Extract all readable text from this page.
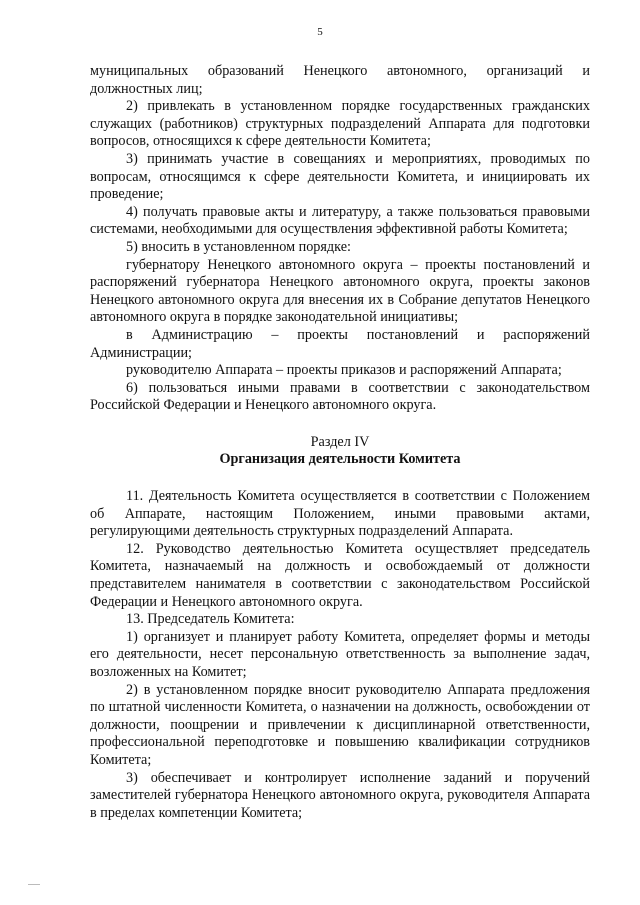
5

муниципальных образований Ненецкого автономного, организаций и должностных лиц;

2) привлекать в установленном порядке государственных гражданских служащих (работников) структурных подразделений Аппарата для подготовки вопросов, относящихся к сфере деятельности Комитета;

3) принимать участие в совещаниях и мероприятиях, проводимых по вопросам, относящимся к сфере деятельности Комитета, и инициировать их проведение;

4) получать правовые акты и литературу, а также пользоваться правовыми системами, необходимыми для осуществления эффективной работы Комитета;

5) вносить в установленном порядке:

губернатору Ненецкого автономного округа – проекты постановлений и распоряжений губернатора Ненецкого автономного округа, проекты законов Ненецкого автономного округа для внесения их в Собрание депутатов Ненецкого автономного округа в порядке законодательной инициативы;

в Администрацию – проекты постановлений и распоряжений Администрации;

руководителю Аппарата – проекты приказов и распоряжений Аппарата;

6) пользоваться иными правами в соответствии с законодательством Российской Федерации и Ненецкого автономного округа.

Раздел IV
Организация деятельности Комитета

11. Деятельность Комитета осуществляется в соответствии с Положением об Аппарате, настоящим Положением, иными правовыми актами, регулирующими деятельность структурных подразделений Аппарата.

12. Руководство деятельностью Комитета осуществляет председатель Комитета, назначаемый на должность и освобождаемый от должности представителем нанимателя в соответствии с законодательством Российской Федерации и Ненецкого автономного округа.

13. Председатель Комитета:

1) организует и планирует работу Комитета, определяет формы и методы его деятельности, несет персональную ответственность за выполнение задач, возложенных на Комитет;

2) в установленном порядке вносит руководителю Аппарата предложения по штатной численности Комитета, о назначении на должность, освобождении от должности, поощрении и привлечении к дисциплинарной ответственности, профессиональной переподготовке и повышению квалификации сотрудников Комитета;

3) обеспечивает и контролирует исполнение заданий и поручений заместителей губернатора Ненецкого автономного округа, руководителя Аппарата в пределах компетенции Комитета;
